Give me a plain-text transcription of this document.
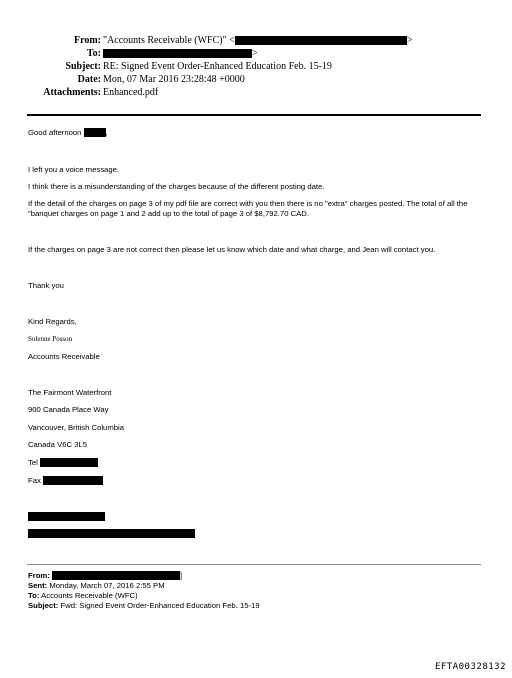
From: "Accounts Receivable (WFC)" <	>
To:	>
Subject: RE: Signed Event Order-Enhanced Education Feb. 15-19
Date: Mon, 07 Mar 2016 23:28:48 +0000
Attachments: Enhanced.pdf
Good afternoon	,
I left you a voice message.
I think there is a misunderstanding of the charges because of the different posting date.
If the detail of the charges on page 3 of my pdf file are correct with you then there is no "extra" charges posted. The total of all the "banquet charges on page 1 and 2 add up to the total of page 3 of $8,792.70 CAD.
If the charges on page 3 are not correct then please let us know which date and what charge, and Jean will contact you.
Thank you
Kind Regards,
Solenne Posson
Accounts Receivable
The Fairmont Waterfront
900 Canada Place Way
Vancouver, British Columbia
Canada V6C 3L5
Tel
Fax
From:	]
Sent: Monday, March 07, 2016 2:55 PM
To: Accounts Receivable (WFC)
Subject: Fwd: Signed Event Order-Enhanced Education Feb. 15-19
EFTA00328132
